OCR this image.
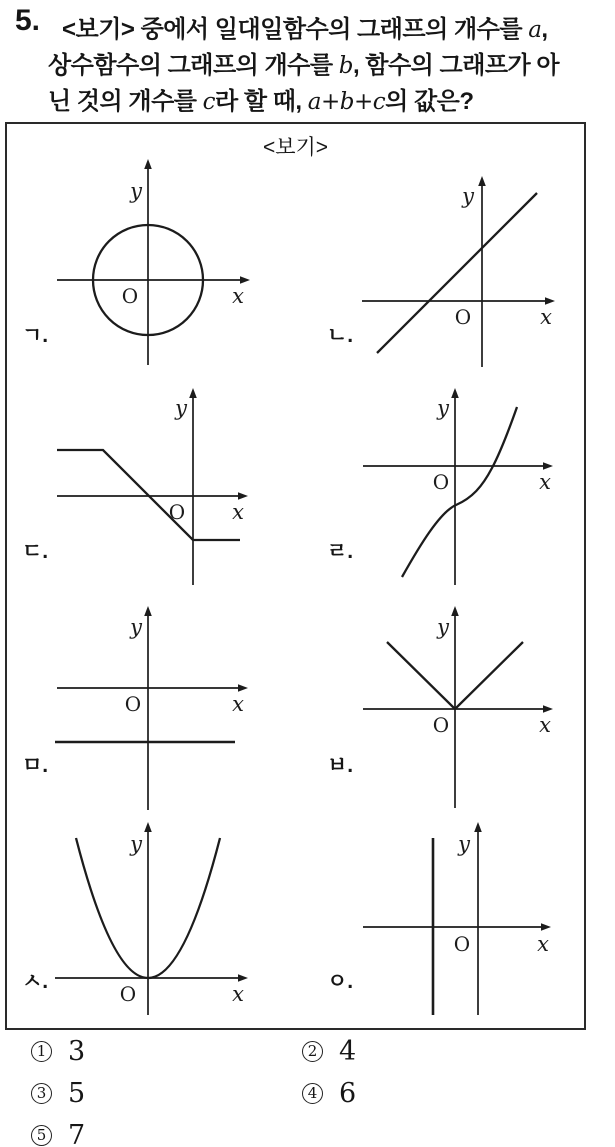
5. <보기> 중에서 일대일함수의 그래프의 개수를 a,
상수함수의 그래프의 개수를 b, 함수의 그래프가 아
닌 것의 개수를 c라 할 때, a+b+c의 값은?
<보기>
y
x
O
ㄱ.
y
x
O
ㄴ.
y
x
O
ㄷ.
y
x
O
ㄹ.
y
x
O
ㅁ.
y
x
O
ㅂ.
y
x
O
ㅅ.
y
x
O
ㅇ.
1 3	2 4
3 5	4 6
5 7
